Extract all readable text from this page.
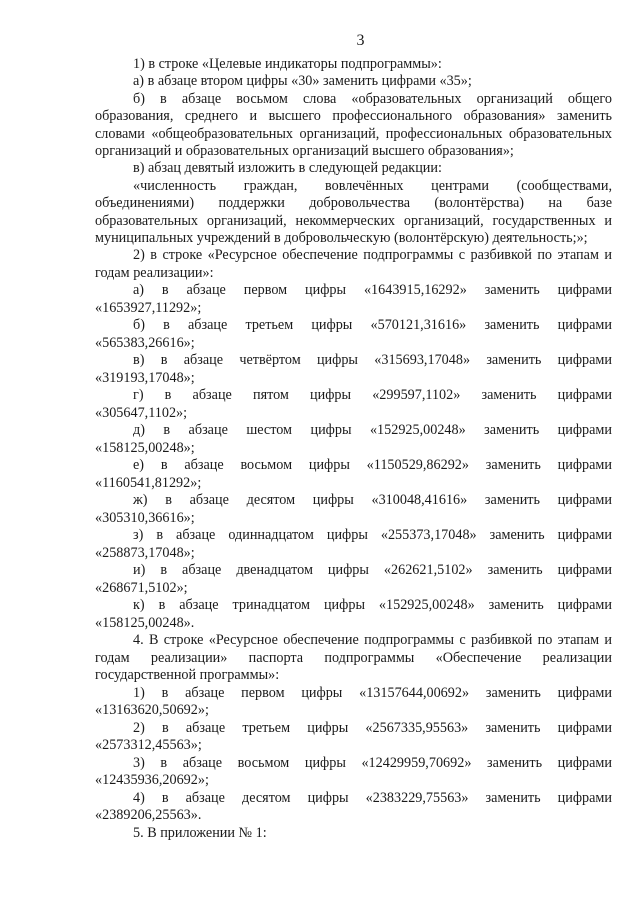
3

1) в строке «Целевые индикаторы подпрограммы»:

а) в абзаце втором цифры «30» заменить цифрами «35»;

б) в абзаце восьмом слова «образовательных организаций общего образования, среднего и высшего профессионального образования» заменить словами «общеобразовательных организаций, профессиональных образовательных организаций и образовательных организаций высшего образования»;

в) абзац девятый изложить в следующей редакции:

«численность граждан, вовлечённых центрами (сообществами, объединениями) поддержки добровольчества (волонтёрства) на базе образовательных организаций, некоммерческих организаций, государственных и муниципальных учреждений в добровольческую (волонтёрскую) деятельность;»;

2) в строке «Ресурсное обеспечение подпрограммы с разбивкой по этапам и годам реализации»:

а) в абзаце первом цифры «1643915,16292» заменить цифрами

«1653927,11292»;

б) в абзаце третьем цифры «570121,31616» заменить цифрами

«565383,26616»;

в) в абзаце четвёртом цифры «315693,17048» заменить цифрами

«319193,17048»;

г) в абзаце пятом цифры «299597,1102» заменить цифрами

«305647,1102»;

д) в абзаце шестом цифры «152925,00248» заменить цифрами

«158125,00248»;

е) в абзаце восьмом цифры «1150529,86292» заменить цифрами

«1160541,81292»;

ж) в абзаце десятом цифры «310048,41616» заменить цифрами

«305310,36616»;

з) в абзаце одиннадцатом цифры «255373,17048» заменить цифрами

«258873,17048»;

и) в абзаце двенадцатом цифры «262621,5102» заменить цифрами

«268671,5102»;

к) в абзаце тринадцатом цифры «152925,00248» заменить цифрами

«158125,00248».

4. В строке «Ресурсное обеспечение подпрограммы с разбивкой по этапам и годам реализации» паспорта подпрограммы «Обеспечение реализации государственной программы»:

1) в абзаце первом цифры «13157644,00692» заменить цифрами

«13163620,50692»;

2) в абзаце третьем цифры «2567335,95563» заменить цифрами

«2573312,45563»;

3) в абзаце восьмом цифры «12429959,70692» заменить цифрами

«12435936,20692»;

4) в абзаце десятом цифры «2383229,75563» заменить цифрами

«2389206,25563».

5. В приложении № 1:
